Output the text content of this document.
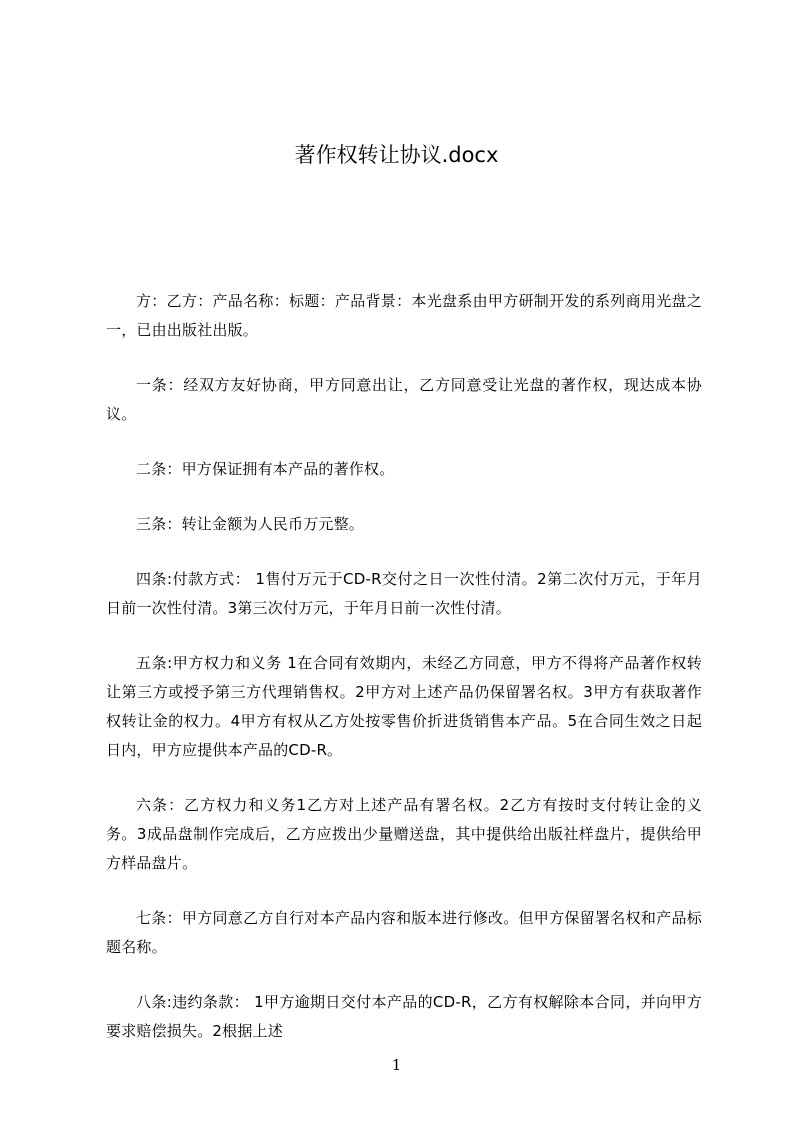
著作权转让协议.docx

方：乙方：产品名称：标题：产品背景：本光盘系由甲方研制开发的系列商用光盘之一，已由出版社出版。

一条：经双方友好协商，甲方同意出让，乙方同意受让光盘的著作权，现达成本协议。

二条：甲方保证拥有本产品的著作权。

三条：转让金额为人民币万元整。

四条:付款方式： 1售付万元于CD-R交付之日一次性付清。2第二次付万元，于年月日前一次性付清。3第三次付万元，于年月日前一次性付清。

五条:甲方权力和义务 1在合同有效期内，未经乙方同意，甲方不得将产品著作权转让第三方或授予第三方代理销售权。2甲方对上述产品仍保留署名权。3甲方有获取著作权转让金的权力。4甲方有权从乙方处按零售价折进货销售本产品。5在合同生效之日起日内，甲方应提供本产品的CD-R。

六条：乙方权力和义务1乙方对上述产品有署名权。2乙方有按时支付转让金的义务。3成品盘制作完成后，乙方应拨出少量赠送盘，其中提供给出版社样盘片，提供给甲方样品盘片。

七条：甲方同意乙方自行对本产品内容和版本进行修改。但甲方保留署名权和产品标题名称。

八条:违约条款： 1甲方逾期日交付本产品的CD-R，乙方有权解除本合同，并向甲方要求赔偿损失。2根据上述

1
